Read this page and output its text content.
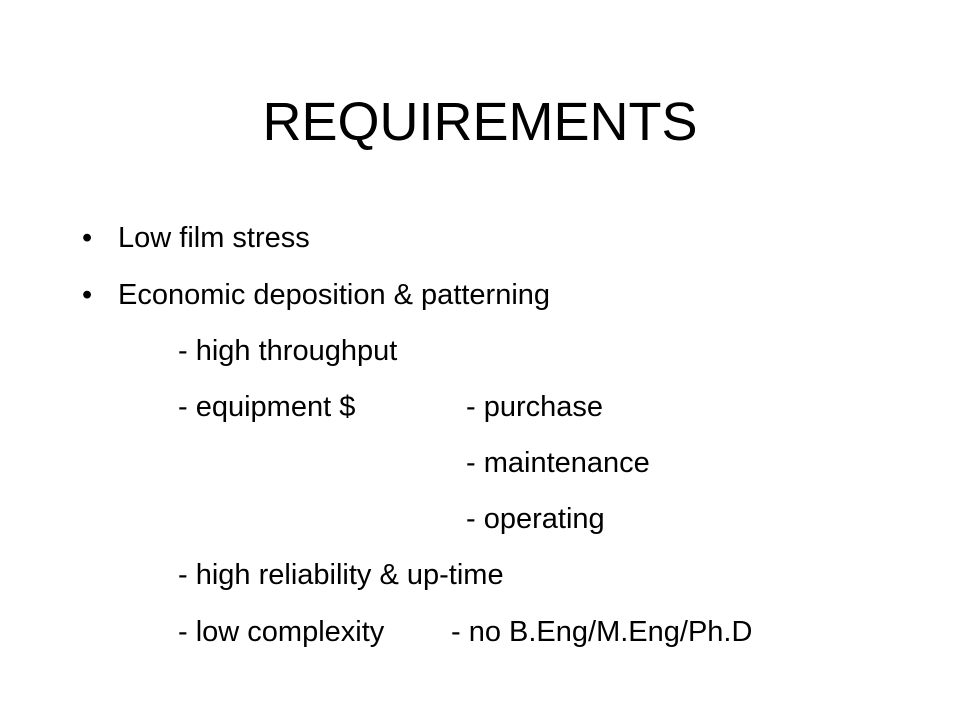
REQUIREMENTS
• Low film stress
• Economic deposition & patterning
- high throughput
- equipment $	- purchase
- maintenance
- operating
- high reliability & up-time
- low complexity - no B.Eng/M.Eng/Ph.D
